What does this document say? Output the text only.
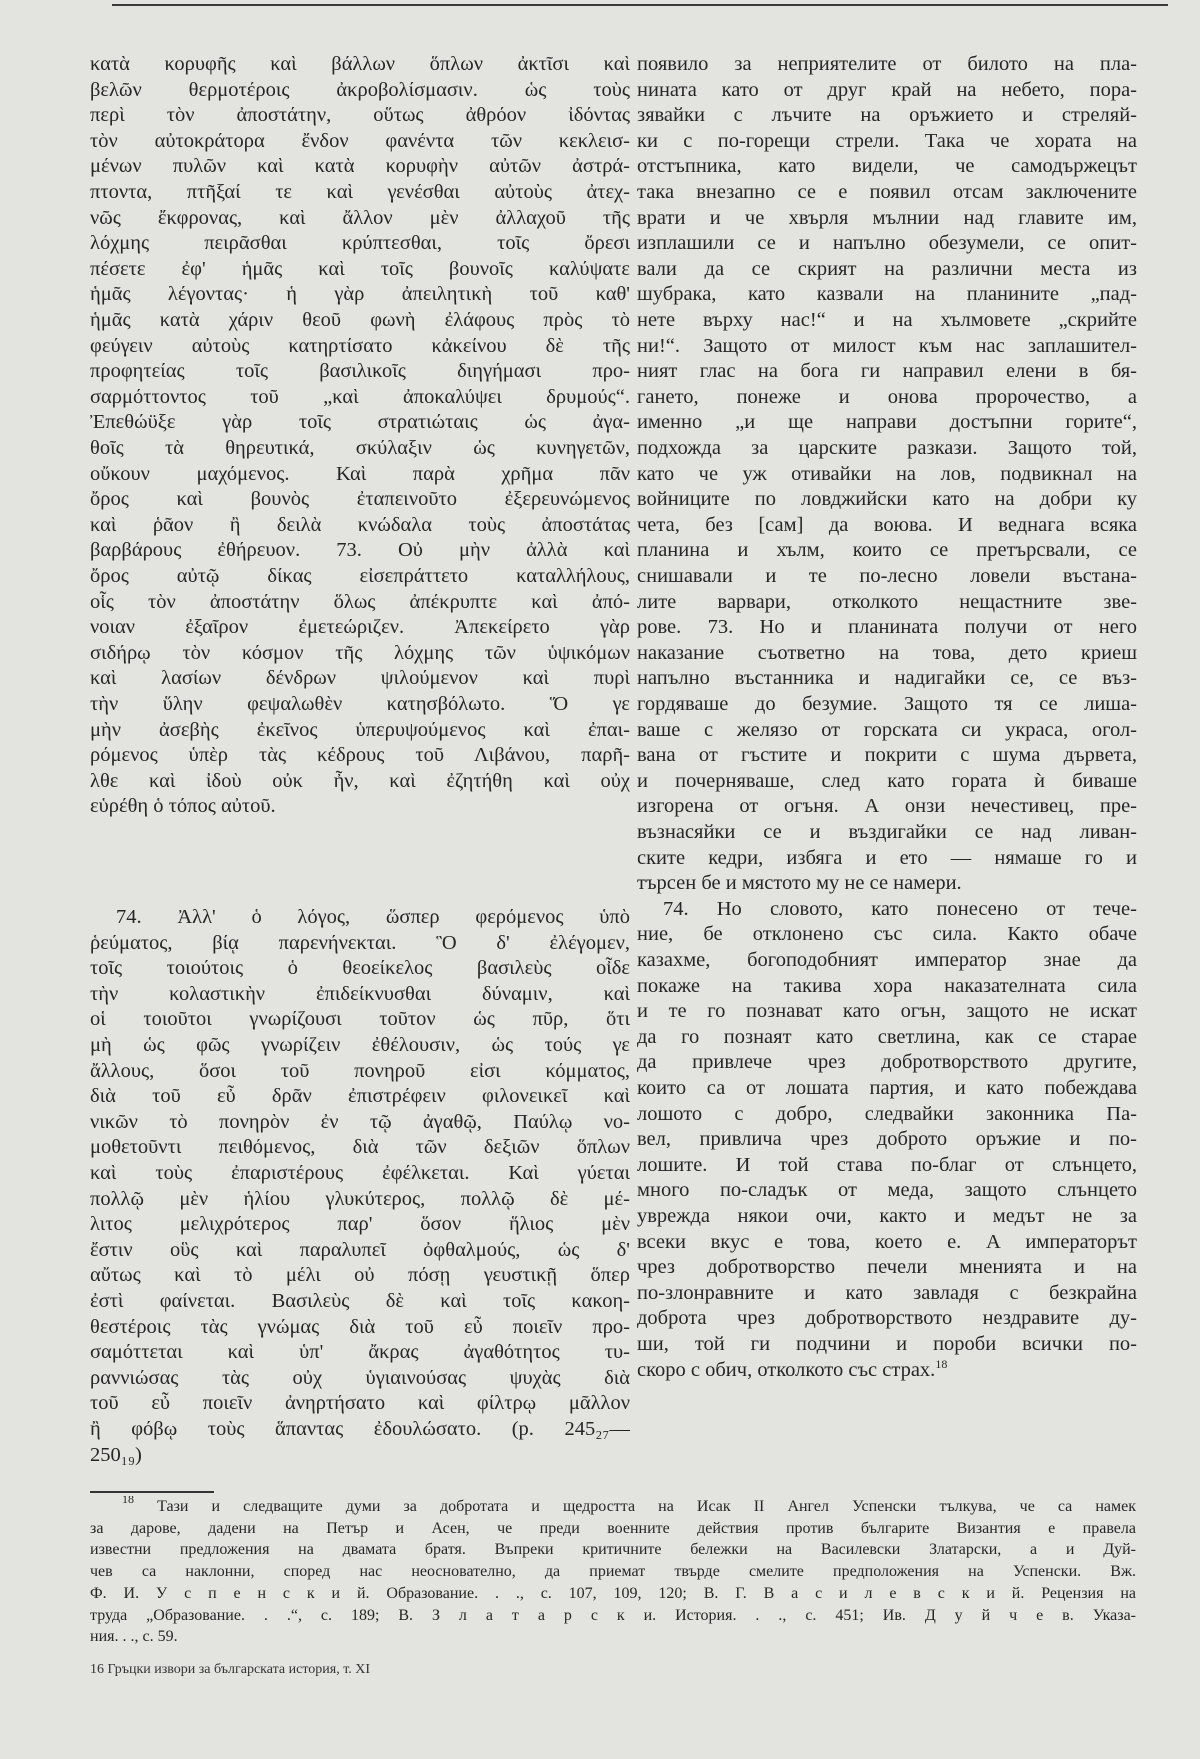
κατὰ κορυφῆς καὶ βάλλων ὅπλων ἀκτῖσι καὶ
βελῶν θερμοτέροις ἀκροβολίσμασιν. ὡς τοὺς
περὶ τὸν ἀποστάτην, οὕτως ἀθρόον ἰδόντας
τὸν αὐτοκράτορα ἔνδον φανέντα τῶν κεκλεισ-
μένων πυλῶν καὶ κατὰ κορυφὴν αὐτῶν ἀστρά-
πτοντα, πτῆξαί τε καὶ γενέσθαι αὐτοὺς ἀτεχ-
νῶς ἔκφρονας, καὶ ἄλλον μὲν ἀλλαχοῦ τῆς
λόχμης πειρᾶσθαι κρύπτεσθαι, τοῖς ὄρεσι
πέσετε ἐφ' ἡμᾶς καὶ τοῖς βουνοῖς καλύψατε
ἡμᾶς λέγοντας· ἡ γὰρ ἀπειλητικὴ τοῦ καθ'
ἡμᾶς κατὰ χάριν θεοῦ φωνὴ ἐλάφους πρὸς τὸ
φεύγειν αὐτοὺς κατηρτίσατο κἀκείνου δὲ τῆς
προφητείας τοῖς βασιλικοῖς διηγήμασι προ-
σαρμόττοντος τοῦ „καὶ ἀποκαλύψει δρυμούς“.
Ἐπεθώϋξε γὰρ τοῖς στρατιώταις ὡς ἀγα-
θοῖς τὰ θηρευτικά, σκύλαξιν ὡς κυνηγετῶν,
οὔκουν μαχόμενος. Καὶ παρὰ χρῆμα πᾶν
ὄρος καὶ βουνὸς ἐταπεινοῦτο ἐξερευνώμενος
καὶ ῥᾶον ἢ δειλὰ κνώδαλα τοὺς ἀποστάτας
βαρβάρους ἐθήρευον. 73. Οὐ μὴν ἀλλὰ καὶ
ὄρος αὐτῷ δίκας εἰσεπράττετο καταλλήλους,
οἷς τὸν ἀποστάτην ὅλως ἀπέκρυπτε καὶ ἀπό-
νοιαν ἐξαῖρον ἐμετεώριζεν. Ἀπεκείρετο γὰρ
σιδήρῳ τὸν κόσμον τῆς λόχμης τῶν ὑψικόμων
καὶ λασίων δένδρων ψιλούμενον καὶ πυρὶ
τὴν ὕλην φεψαλωθὲν κατησβόλωτο. Ὅ γε
μὴν ἀσεβὴς ἐκεῖνος ὑπερυψούμενος καὶ ἐπαι-
ρόμενος ὑπὲρ τὰς κέδρους τοῦ Λιβάνου, παρῆ-
λθε καὶ ἰδοὺ οὐκ ἦν, καὶ ἐζητήθη καὶ οὐχ
εὑρέθη ὁ τόπος αὐτοῦ.
74. Ἀλλ' ὁ λόγος, ὥσπερ φερόμενος ὑπὸ
ῥεύματος, βίᾳ παρενήνεκται. Ὃ δ' ἐλέγομεν,
τοῖς τοιούτοις ὁ θεοείκελος βασιλεὺς οἶδε
τὴν κολαστικὴν ἐπιδείκνυσθαι δύναμιν, καὶ
οἱ τοιοῦτοι γνωρίζουσι τοῦτον ὡς πῦρ, ὅτι
μὴ ὡς φῶς γνωρίζειν ἐθέλουσιν, ὡς τούς γε
ἄλλους, ὅσοι τοῦ πονηροῦ εἰσι κόμματος,
διὰ τοῦ εὖ δρᾶν ἐπιστρέφειν φιλονεικεῖ καὶ
νικῶν τὸ πονηρὸν ἐν τῷ ἀγαθῷ, Παύλῳ νο-
μοθετοῦντι πειθόμενος, διὰ τῶν δεξιῶν ὅπλων
καὶ τοὺς ἐπαριστέρους ἐφέλκεται. Καὶ γύεται
πολλῷ μὲν ἡλίου γλυκύτερος, πολλῷ δὲ μέ-
λιτος μελιχρότερος παρ' ὅσον ἥλιος μὲν
ἔστιν οὓς καὶ παραλυπεῖ ὀφθαλμούς, ὡς δ'
αὔτως καὶ τὸ μέλι οὐ πόσῃ γευστικῇ ὅπερ
ἐστὶ φαίνεται. Βασιλεὺς δὲ καὶ τοῖς κακοη-
θεστέροις τὰς γνώμας διὰ τοῦ εὖ ποιεῖν προ-
σαμόττεται καὶ ὑπ' ἄκρας ἀγαθότητος τυ-
ραννιώσας τὰς οὐχ ὑγιαινούσας ψυχὰς διὰ
τοῦ εὖ ποιεῖν ἀνηρτήσατο καὶ φίλτρῳ μᾶλλον
ἢ φόβῳ τοὺς ἅπαντας ἐδουλώσατο. (p. 245₂₇—
250₁₉)
появило за неприятелите от билото на пла-
нината като от друг край на небето, пора-
зявайки с лъчите на оръжието и стреляй-
ки с по-горещи стрели. Така че хората на
отстъпника, като видели, че самодържецът
така внезапно се е появил отсам заключените
врати и че хвърля мълнии над главите им,
изплашили се и напълно обезумели, се опит-
вали да се скрият на различни места из
шубрака, като казвали на планините „пад-
нете върху нас!“ и на хълмовете „скрийте
ни!“. Защото от милост към нас заплашител-
ният глас на бога ги направил елени в бя-
гането, понеже и онова пророчество, а
именно „и ще направи достъпни горите“,
подхожда за царските разкази. Защото той,
като че уж отивайки на лов, подвикнал на
войниците по ловджийски като на добри ку
чета, без [сам] да воюва. И веднага всяка
планина и хълм, които се претърсвали, се
снишавали и те по-лесно ловели въстана-
лите варвари, отколкото нещастните зве-
рове. 73. Но и планината получи от него
наказание съответно на това, дето криеш
напълно въстанника и надигайки се, се въз-
гордяваше до безумие. Защото тя се лиша-
ваше с желязо от горската си украса, огол-
вана от гъстите и покрити с шума дървета,
и почерняваше, след като гората ѝ биваше
изгорена от огъня. А онзи нечестивец, пре-
възнасяйки се и въздигайки се над ливан-
ските кедри, избяга и ето — нямаше го и
търсен бе и мястото му не се намери.
74. Но словото, като понесено от тече-
ние, бе отклонено със сила. Както обаче
казахме, богоподобният император знае да
покаже на такива хора наказателната сила
и те го познават като огън, защото не искат
да го познаят като светлина, как се старае
да привлече чрез добротворството другите,
които са от лошата партия, и като побеждава
лошото с добро, следвайки законника Па-
вел, привлича чрез доброто оръжие и по-
лошите. И той става по-благ от слънцето,
много по-сладък от меда, защото слънцето
уврежда някои очи, както и медът не за
всеки вкус е това, което е. А императорът
чрез добротворство печели мненията и на
по-злонравните и като завладя с безкрайна
доброта чрез добротворството нездравите ду-
ши, той ги подчини и пороби всички по-
скоро с обич, отколкото със страх.$^{18}$
$^{18}$ Тази и следващите думи за добротата и щедростта на Исак II Ангел Успенски тълкува, че са намек
за дарове, дадени на Петър и Асен, че преди военните действия против българите Византия е правела
известни предложения на двамата братя. Въпреки критичните бележки на Василевски Златарски, а и Дуй-
чев са наклонни, според нас неоснователно, да приемат твърде смелите предположения на Успенски. Вж.
Ф. И. У с п е н с к и й. Образование. . ., с. 107, 109, 120; В. Г. В а с и л е в с к и й. Рецензия на
труда „Образование. . .“, с. 189; В. З л а т а р с к и. История. . ., с. 451; Ив. Д у й ч е в. Указа-
ния. . ., с. 59.
16 Гръцки извори за българската история, т. XI
